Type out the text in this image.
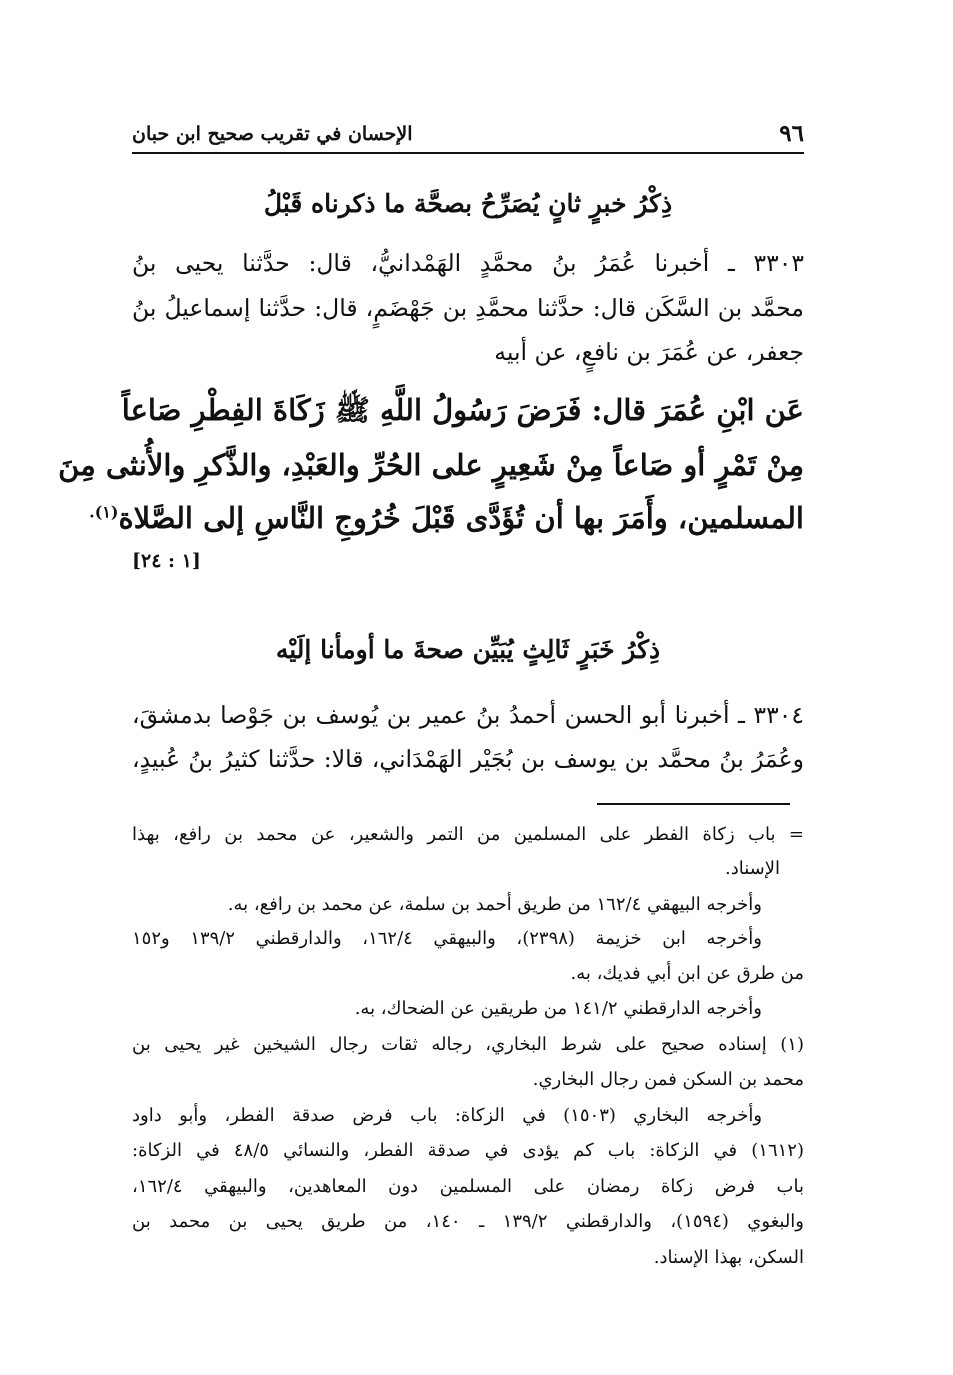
٩٦
الإحسان في تقريب صحيح ابن حبان
ذِكْرُ خبرٍ ثانٍ يُصَرِّحُ بصحَّة ما ذكرناه قَبْلُ
٣٣٠٣ ـ أخبرنا عُمَرُ بنُ محمَّدٍ الهَمْدانيُّ، قال: حدَّثنا يحيى بنُ
محمَّد بن السَّكَن قال: حدَّثنا محمَّدِ بن جَهْضَمٍ، قال: حدَّثنا إسماعيلُ بنُ
جعفر، عن عُمَرَ بن نافعٍ، عن أبيه
عَن ابْنِ عُمَرَ قال: فَرَضَ رَسُولُ اللَّهِ ﷺ زَكَاةَ الفِطْرِ صَاعاً
مِنْ تَمْرٍ أو صَاعاً مِنْ شَعِيرٍ على الحُرِّ والعَبْدِ، والذَّكرِ والأُنثى مِنَ
المسلمين، وأَمَرَ بها أن تُؤَدَّى قَبْلَ خُرُوجِ النَّاسِ إلى الصَّلاة$^{(١).}$
[١ : ٢٤]
ذِكْرُ خَبَرٍ ثَالِثٍ يُبَيِّن صحةَ ما أومأنا إلَيْه
٣٣٠٤ ـ أخبرنا أبو الحسن أحمدُ بنُ عمير بن يُوسف بن جَوْصا بدمشقَ،
وعُمَرُ بنُ محمَّد بن يوسف بن بُجَيْر الهَمْدَاني، قالا: حدَّثنا كثيرُ بنُ عُبيدٍ،
= باب زكاة الفطر على المسلمين من التمر والشعير، عن محمد بن رافع، بهذا
الإسناد.
وأخرجه البيهقي ١٦٢/٤ من طريق أحمد بن سلمة، عن محمد بن رافع، به.
وأخرجه ابن خزيمة (٢٣٩٨)، والبيهقي ١٦٢/٤، والدارقطني ١٣٩/٢ و١٥٢
من طرق عن ابن أبي فديك، به.
وأخرجه الدارقطني ١٤١/٢ من طريقين عن الضحاك، به.
(١) إسناده صحيح على شرط البخاري، رجاله ثقات رجال الشيخين غير يحيى بن
محمد بن السكن فمن رجال البخاري.
وأخرجه البخاري (١٥٠٣) في الزكاة: باب فرض صدقة الفطر، وأبو داود
(١٦١٢) في الزكاة: باب كم يؤدى في صدقة الفطر، والنسائي ٤٨/٥ في الزكاة:
باب فرض زكاة رمضان على المسلمين دون المعاهدين، والبيهقي ١٦٢/٤،
والبغوي (١٥٩٤)، والدارقطني ١٣٩/٢ ـ ١٤٠، من طريق يحيى بن محمد بن
السكن، بهذا الإسناد.
